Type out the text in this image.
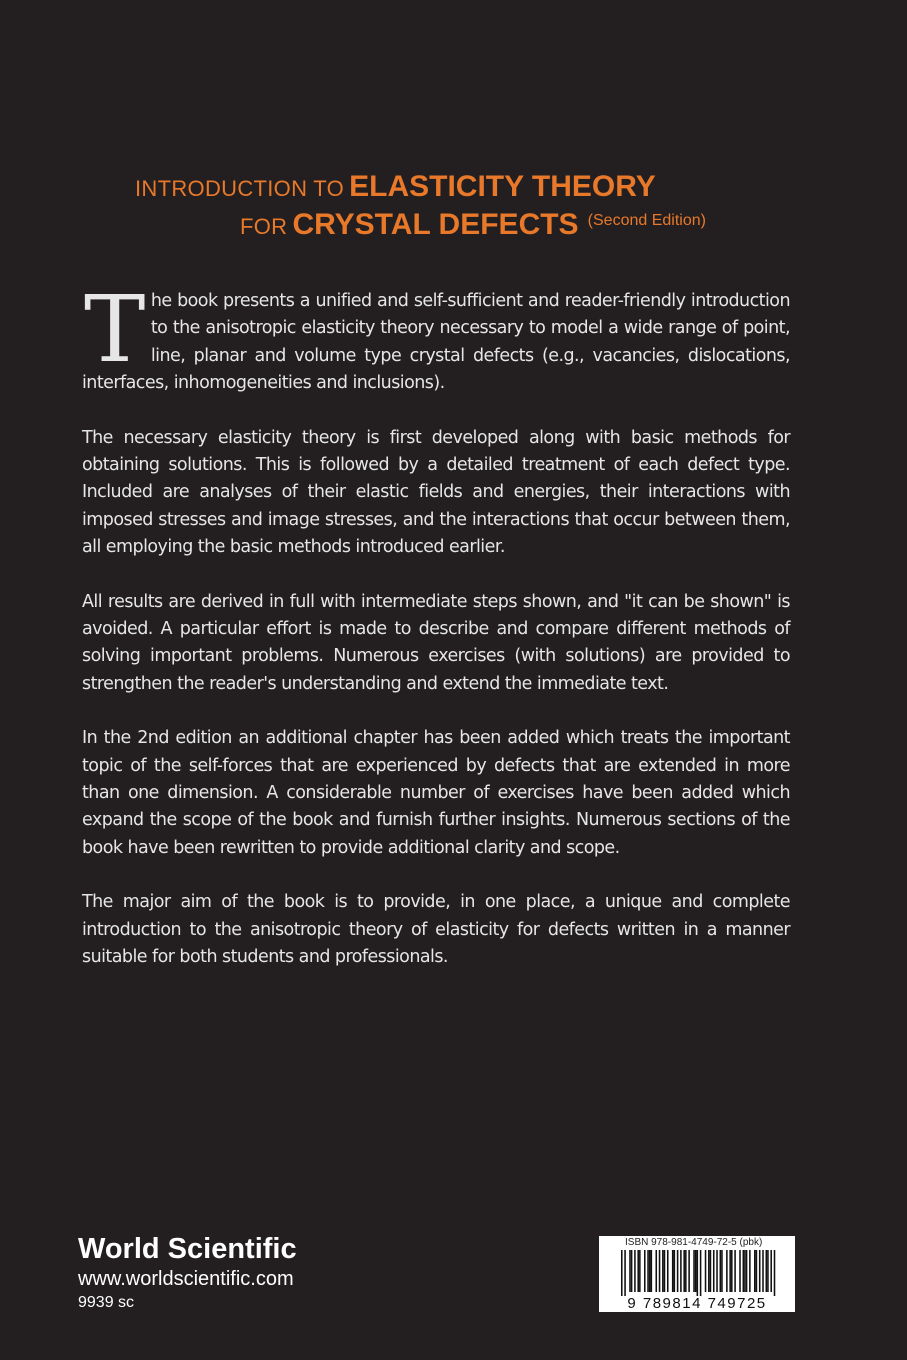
INTRODUCTION TO ELASTICITY THEORY
FOR CRYSTAL DEFECTS (Second Edition)

The book presents a unified and self-sufficient and reader-friendly introduction to the anisotropic elasticity theory necessary to model a wide range of point, line, planar and volume type crystal defects (e.g., vacancies, dislocations, interfaces, inhomogeneities and inclusions).

The necessary elasticity theory is first developed along with basic methods for obtaining solutions. This is followed by a detailed treatment of each defect type. Included are analyses of their elastic fields and energies, their interactions with imposed stresses and image stresses, and the interactions that occur between them, all employing the basic methods introduced earlier.

All results are derived in full with intermediate steps shown, and "it can be shown" is avoided. A particular effort is made to describe and compare different methods of solving important problems. Numerous exercises (with solutions) are provided to strengthen the reader's understanding and extend the immediate text.

In the 2nd edition an additional chapter has been added which treats the important topic of the self-forces that are experienced by defects that are extended in more than one dimension. A considerable number of exercises have been added which expand the scope of the book and furnish further insights. Numerous sections of the book have been rewritten to provide additional clarity and scope.

The major aim of the book is to provide, in one place, a unique and complete introduction to the anisotropic theory of elasticity for defects written in a manner suitable for both students and professionals.

World Scientific
www.worldscientific.com
9939 sc
ISBN 978-981-4749-72-5 (pbk)
9 789814 749725
